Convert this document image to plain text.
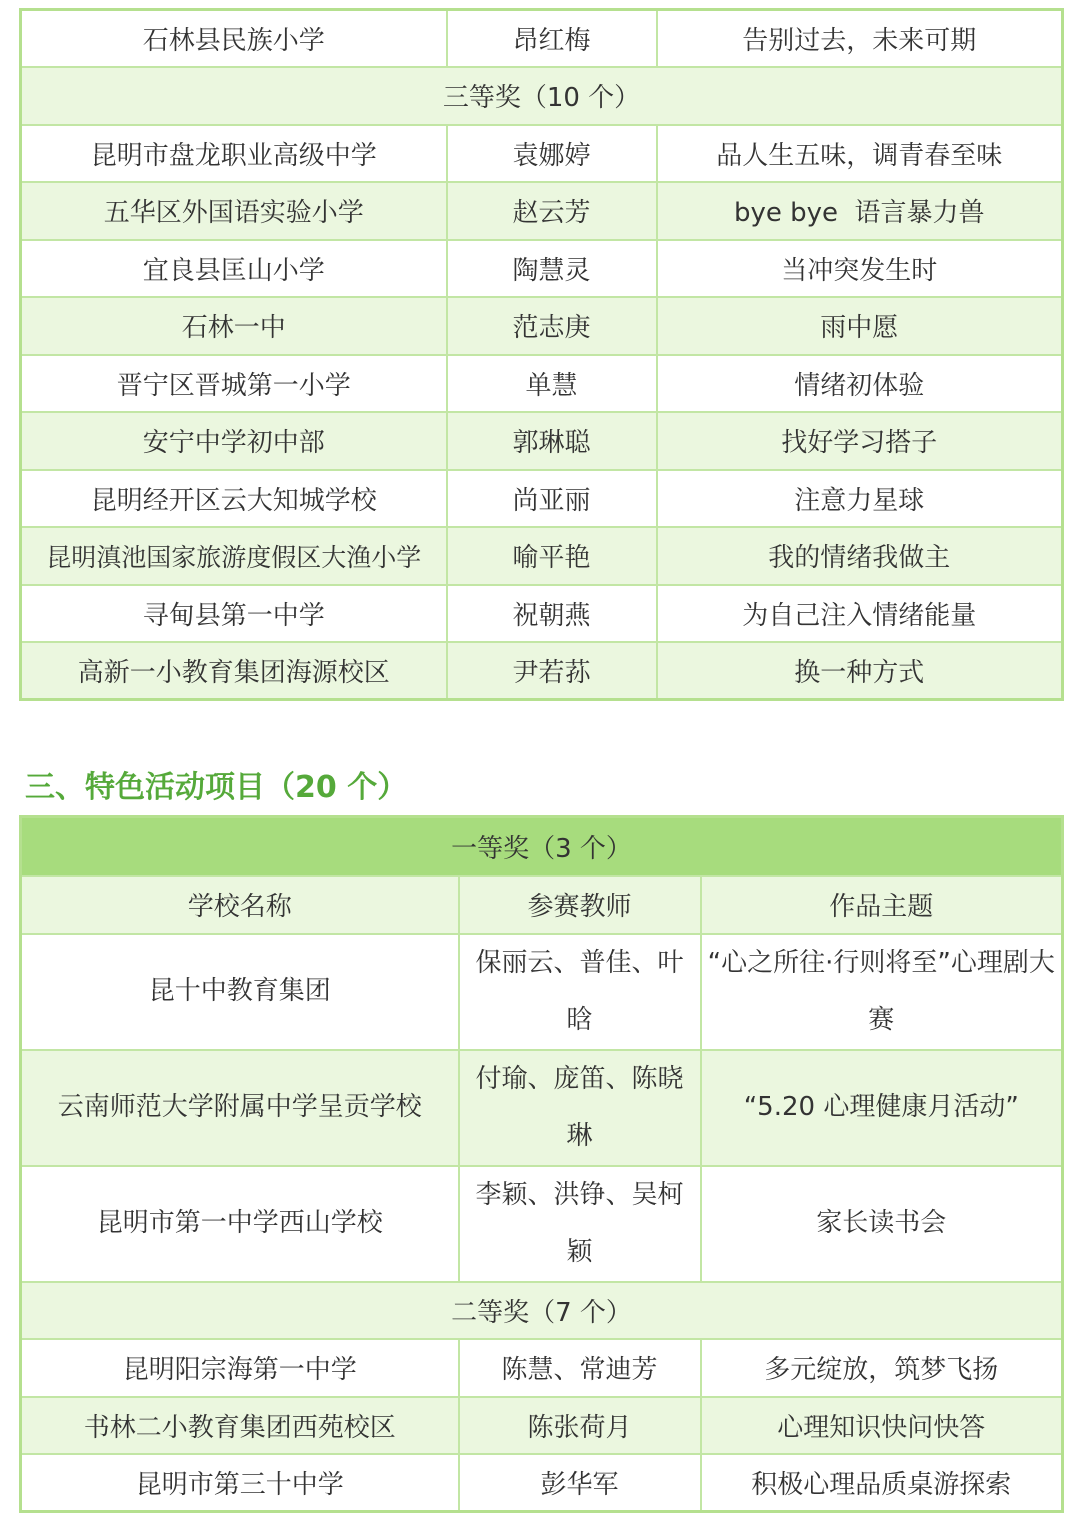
石林县民族小学	昂红梅	告别过去，未来可期
三等奖（10 个）		
昆明市盘龙职业高级中学	袁娜婷	品人生五味，调青春至味
五华区外国语实验小学	赵云芳	bye bye  语言暴力兽
宜良县匡山小学	陶慧灵	当冲突发生时
石林一中	范志庚	雨中愿
晋宁区晋城第一小学	单慧	情绪初体验
安宁中学初中部	郭琳聪	找好学习搭子
昆明经开区云大知城学校	尚亚丽	注意力星球
昆明滇池国家旅游度假区大渔小学	喻平艳	我的情绪我做主
寻甸县第一中学	祝朝燕	为自己注入情绪能量
高新一小教育集团海源校区	尹若荪	换一种方式
三、特色活动项目（20 个）
一等奖（3 个）		
学校名称	参赛教师	作品主题
昆十中教育集团	保丽云、普佳、叶晗	“心之所往·行则将至”心理剧大赛
云南师范大学附属中学呈贡学校	付瑜、庞笛、陈晓琳	“5.20 心理健康月活动”
昆明市第一中学西山学校	李颖、洪铮、吴柯颖	家长读书会
二等奖（7 个）		
昆明阳宗海第一中学	陈慧、常迪芳	多元绽放，筑梦飞扬
书林二小教育集团西苑校区	陈张荷月	心理知识快问快答
昆明市第三十中学	彭华军	积极心理品质桌游探索
